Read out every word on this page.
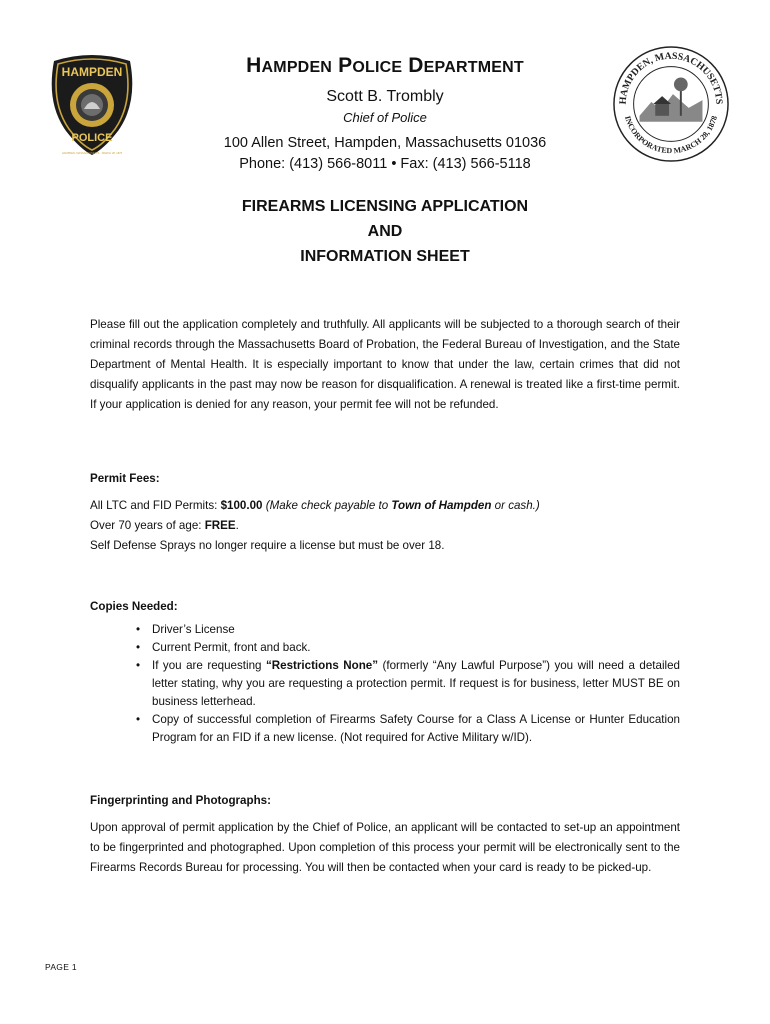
HAMPDEN
POLICE
HAMPDEN, MASSACHUSETTS · MARCH 28, 1878
HAMPDEN, MASSACHUSETTS
INCORPORATED MARCH 28, 1878
HAMPDEN POLICE DEPARTMENT
Scott B. Trombly
Chief of Police
100 Allen Street, Hampden, Massachusetts 01036
Phone: (413) 566-8011 • Fax: (413) 566-5118
FIREARMS LICENSING APPLICATION
AND
INFORMATION SHEET
Please fill out the application completely and truthfully. All applicants will be subjected to a thorough search of their criminal records through the Massachusetts Board of Probation, the Federal Bureau of Investigation, and the State Department of Mental Health. It is especially important to know that under the law, certain crimes that did not disqualify applicants in the past may now be reason for disqualification. A renewal is treated like a first-time permit. If your application is denied for any reason, your permit fee will not be refunded.
Permit Fees:
All LTC and FID Permits: $100.00 (Make check payable to Town of Hampden or cash.)
Over 70 years of age: FREE.
Self Defense Sprays no longer require a license but must be over 18.
Copies Needed:
• Driver’s License
• Current Permit, front and back.
• If you are requesting “Restrictions None” (formerly “Any Lawful Purpose”) you will need a detailed letter stating, why you are requesting a protection permit. If request is for business, letter MUST BE on business letterhead.
• Copy of successful completion of Firearms Safety Course for a Class A License or Hunter Education Program for an FID if a new license. (Not required for Active Military w/ID).
Fingerprinting and Photographs:
Upon approval of permit application by the Chief of Police, an applicant will be contacted to set-up an appointment to be fingerprinted and photographed. Upon completion of this process your permit will be electronically sent to the Firearms Records Bureau for processing. You will then be contacted when your card is ready to be picked-up.
PAGE 1
